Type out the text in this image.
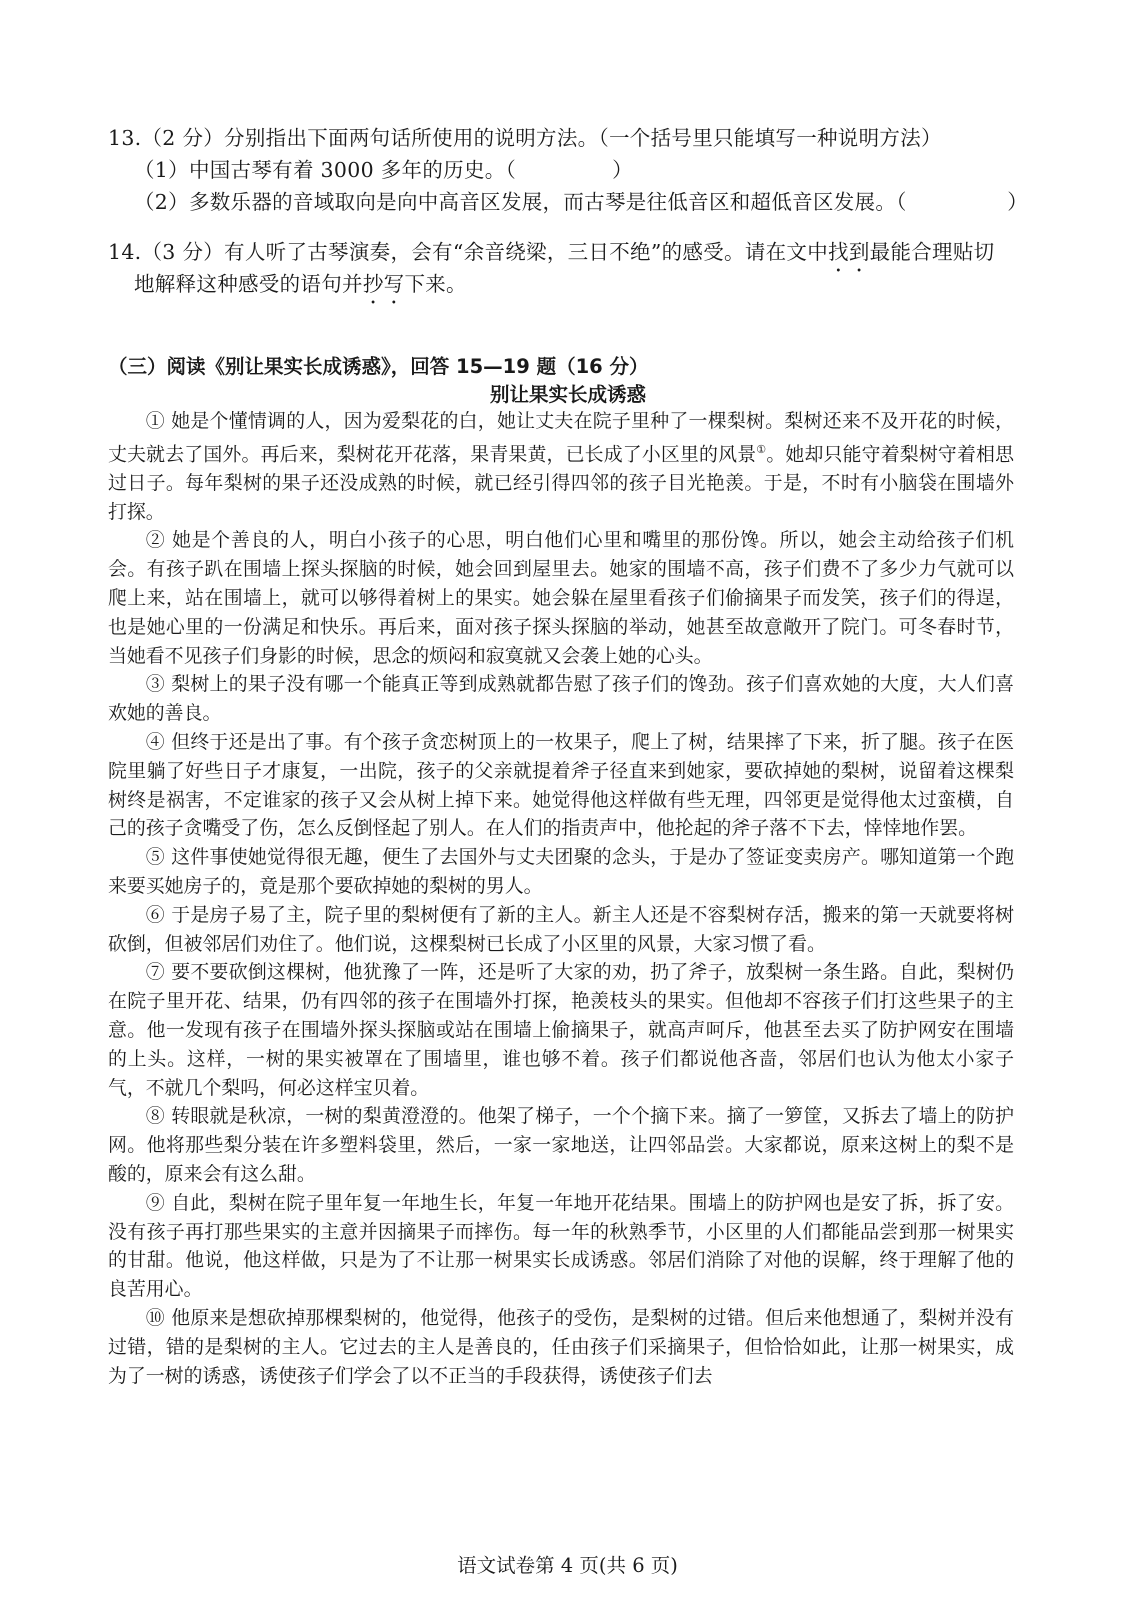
13.（2 分）分别指出下面两句话所使用的说明方法。（一个括号里只能填写一种说明方法）
（1）中国古琴有着 3000 多年的历史。（	）
（2）多数乐器的音域取向是向中高音区发展，而古琴是往低音区和超低音区发展。（	）
14.（3 分）有人听了古琴演奏，会有“余音绕梁，三日不绝”的感受。请在文中找到最能合理贴切
地解释这种感受的语句并抄写下来。
（三）阅读《别让果实长成诱惑》，回答 15—19 题（16 分）
别让果实长成诱惑

① 她是个懂情调的人，因为爱梨花的白，她让丈夫在院子里种了一棵梨树。梨树还来不及开花的时候，丈夫就去了国外。再后来，梨树花开花落，果青果黄，已长成了小区里的风景①。她却只能守着梨树守着相思过日子。每年梨树的果子还没成熟的时候，就已经引得四邻的孩子目光艳羡。于是，不时有小脑袋在围墙外打探。

② 她是个善良的人，明白小孩子的心思，明白他们心里和嘴里的那份馋。所以，她会主动给孩子们机会。有孩子趴在围墙上探头探脑的时候，她会回到屋里去。她家的围墙不高，孩子们费不了多少力气就可以爬上来，站在围墙上，就可以够得着树上的果实。她会躲在屋里看孩子们偷摘果子而发笑，孩子们的得逞，也是她心里的一份满足和快乐。再后来，面对孩子探头探脑的举动，她甚至故意敞开了院门。可冬春时节，当她看不见孩子们身影的时候，思念的烦闷和寂寞就又会袭上她的心头。

③ 梨树上的果子没有哪一个能真正等到成熟就都告慰了孩子们的馋劲。孩子们喜欢她的大度，大人们喜欢她的善良。

④ 但终于还是出了事。有个孩子贪恋树顶上的一枚果子，爬上了树，结果摔了下来，折了腿。孩子在医院里躺了好些日子才康复，一出院，孩子的父亲就提着斧子径直来到她家，要砍掉她的梨树，说留着这棵梨树终是祸害，不定谁家的孩子又会从树上掉下来。她觉得他这样做有些无理，四邻更是觉得他太过蛮横，自己的孩子贪嘴受了伤，怎么反倒怪起了别人。在人们的指责声中，他抡起的斧子落不下去，悻悻地作罢。

⑤ 这件事使她觉得很无趣，便生了去国外与丈夫团聚的念头，于是办了签证变卖房产。哪知道第一个跑来要买她房子的，竟是那个要砍掉她的梨树的男人。

⑥ 于是房子易了主，院子里的梨树便有了新的主人。新主人还是不容梨树存活，搬来的第一天就要将树砍倒，但被邻居们劝住了。他们说，这棵梨树已长成了小区里的风景，大家习惯了看。

⑦ 要不要砍倒这棵树，他犹豫了一阵，还是听了大家的劝，扔了斧子，放梨树一条生路。自此，梨树仍在院子里开花、结果，仍有四邻的孩子在围墙外打探，艳羡枝头的果实。但他却不容孩子们打这些果子的主意。他一发现有孩子在围墙外探头探脑或站在围墙上偷摘果子，就高声呵斥，他甚至去买了防护网安在围墙的上头。这样，一树的果实被罩在了围墙里，谁也够不着。孩子们都说他吝啬，邻居们也认为他太小家子气，不就几个梨吗，何必这样宝贝着。

⑧ 转眼就是秋凉，一树的梨黄澄澄的。他架了梯子，一个个摘下来。摘了一箩筐，又拆去了墙上的防护网。他将那些梨分装在许多塑料袋里，然后，一家一家地送，让四邻品尝。大家都说，原来这树上的梨不是酸的，原来会有这么甜。

⑨ 自此，梨树在院子里年复一年地生长，年复一年地开花结果。围墙上的防护网也是安了拆，拆了安。没有孩子再打那些果实的主意并因摘果子而摔伤。每一年的秋熟季节，小区里的人们都能品尝到那一树果实的甘甜。他说，他这样做，只是为了不让那一树果实长成诱惑。邻居们消除了对他的误解，终于理解了他的良苦用心。

⑩ 他原来是想砍掉那棵梨树的，他觉得，他孩子的受伤，是梨树的过错。但后来他想通了，梨树并没有过错，错的是梨树的主人。它过去的主人是善良的，任由孩子们采摘果子，但恰恰如此，让那一树果实，成为了一树的诱惑，诱使孩子们学会了以不正当的手段获得，诱使孩子们去

语文试卷第 4 页(共 6 页)
